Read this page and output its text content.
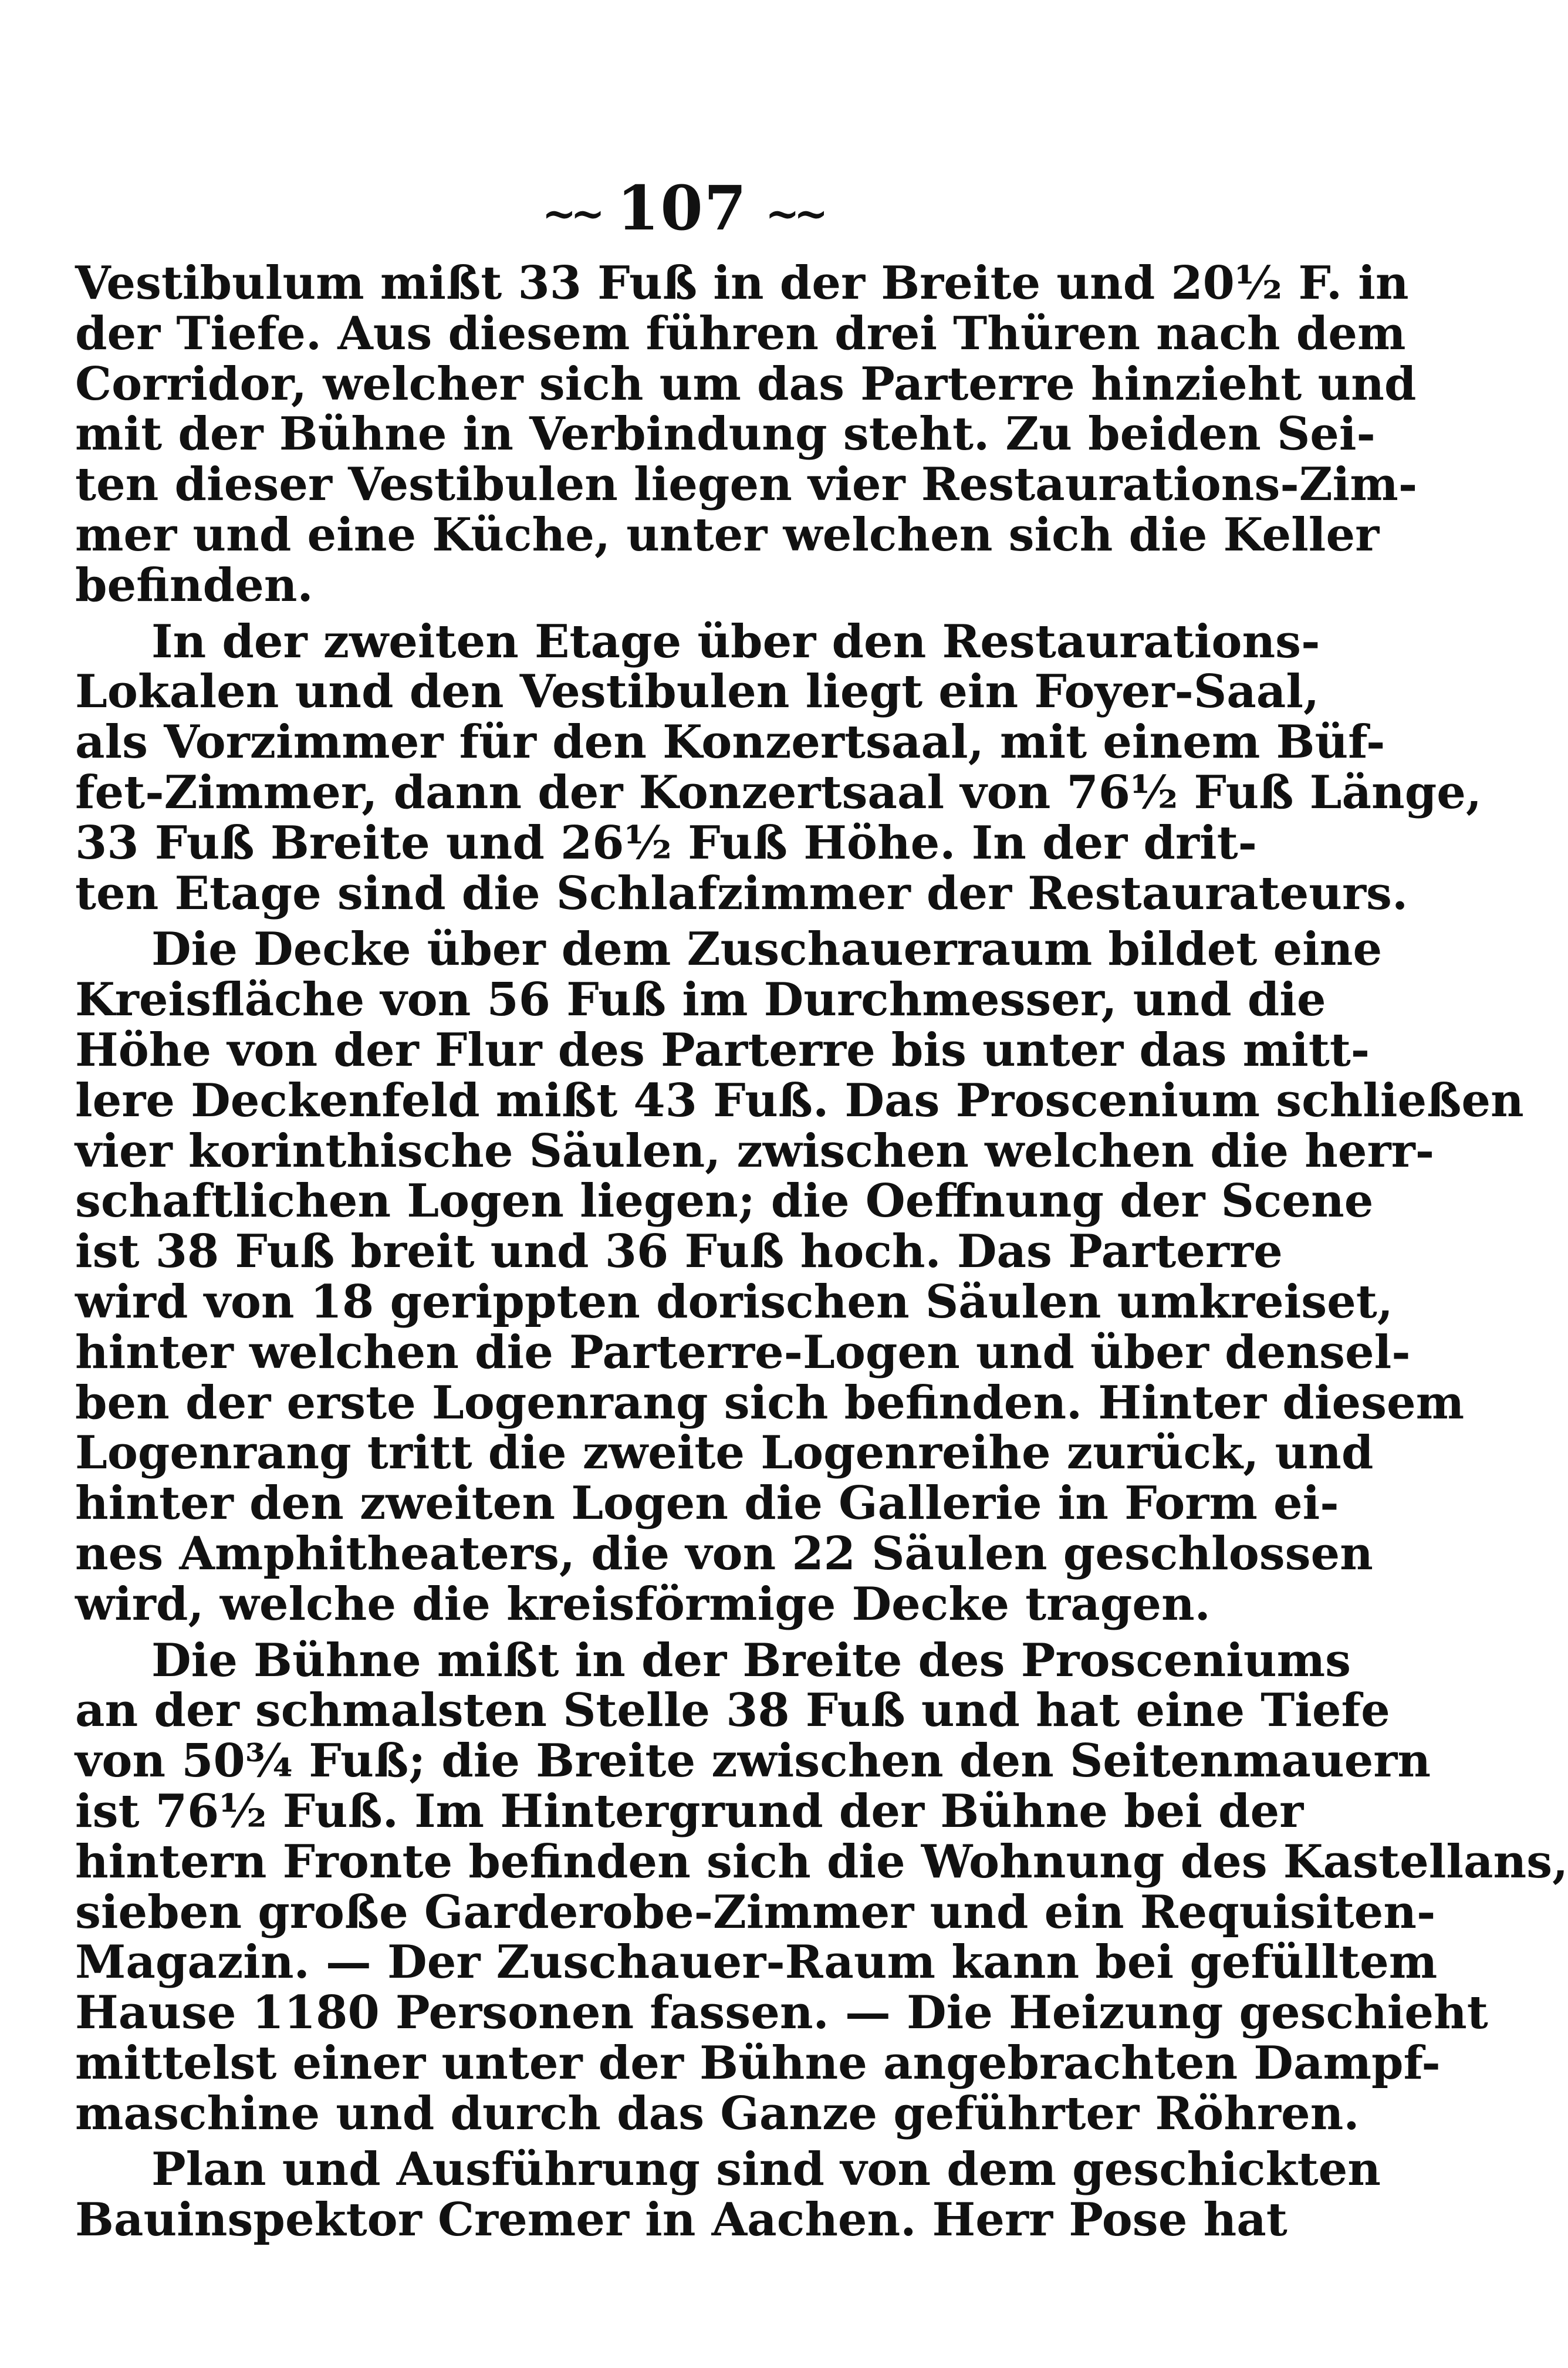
~~ 107 ~~
Vestibulum mißt 33 Fuß in der Breite und 20½ F. in
der Tiefe. Aus diesem führen drei Thüren nach dem
Corridor, welcher sich um das Parterre hinzieht und
mit der Bühne in Verbindung steht. Zu beiden Sei-
ten dieser Vestibulen liegen vier Restaurations-Zim-
mer und eine Küche, unter welchen sich die Keller
befinden.
In der zweiten Etage über den Restaurations-
Lokalen und den Vestibulen liegt ein Foyer-Saal,
als Vorzimmer für den Konzertsaal, mit einem Büf-
fet-Zimmer, dann der Konzertsaal von 76½ Fuß Länge,
33 Fuß Breite und 26½ Fuß Höhe. In der drit-
ten Etage sind die Schlafzimmer der Restaurateurs.
Die Decke über dem Zuschauerraum bildet eine
Kreisfläche von 56 Fuß im Durchmesser, und die
Höhe von der Flur des Parterre bis unter das mitt-
lere Deckenfeld mißt 43 Fuß. Das Proscenium schließen
vier korinthische Säulen, zwischen welchen die herr-
schaftlichen Logen liegen; die Oeffnung der Scene
ist 38 Fuß breit und 36 Fuß hoch. Das Parterre
wird von 18 gerippten dorischen Säulen umkreiset,
hinter welchen die Parterre-Logen und über densel-
ben der erste Logenrang sich befinden. Hinter diesem
Logenrang tritt die zweite Logenreihe zurück, und
hinter den zweiten Logen die Gallerie in Form ei-
nes Amphitheaters, die von 22 Säulen geschlossen
wird, welche die kreisförmige Decke tragen.
Die Bühne mißt in der Breite des Prosceniums
an der schmalsten Stelle 38 Fuß und hat eine Tiefe
von 50¾ Fuß; die Breite zwischen den Seitenmauern
ist 76½ Fuß. Im Hintergrund der Bühne bei der
hintern Fronte befinden sich die Wohnung des Kastellans,
sieben große Garderobe-Zimmer und ein Requisiten-
Magazin. — Der Zuschauer-Raum kann bei gefülltem
Hause 1180 Personen fassen. — Die Heizung geschieht
mittelst einer unter der Bühne angebrachten Dampf-
maschine und durch das Ganze geführter Röhren.
Plan und Ausführung sind von dem geschickten
Bauinspektor Cremer in Aachen. Herr Pose hat
